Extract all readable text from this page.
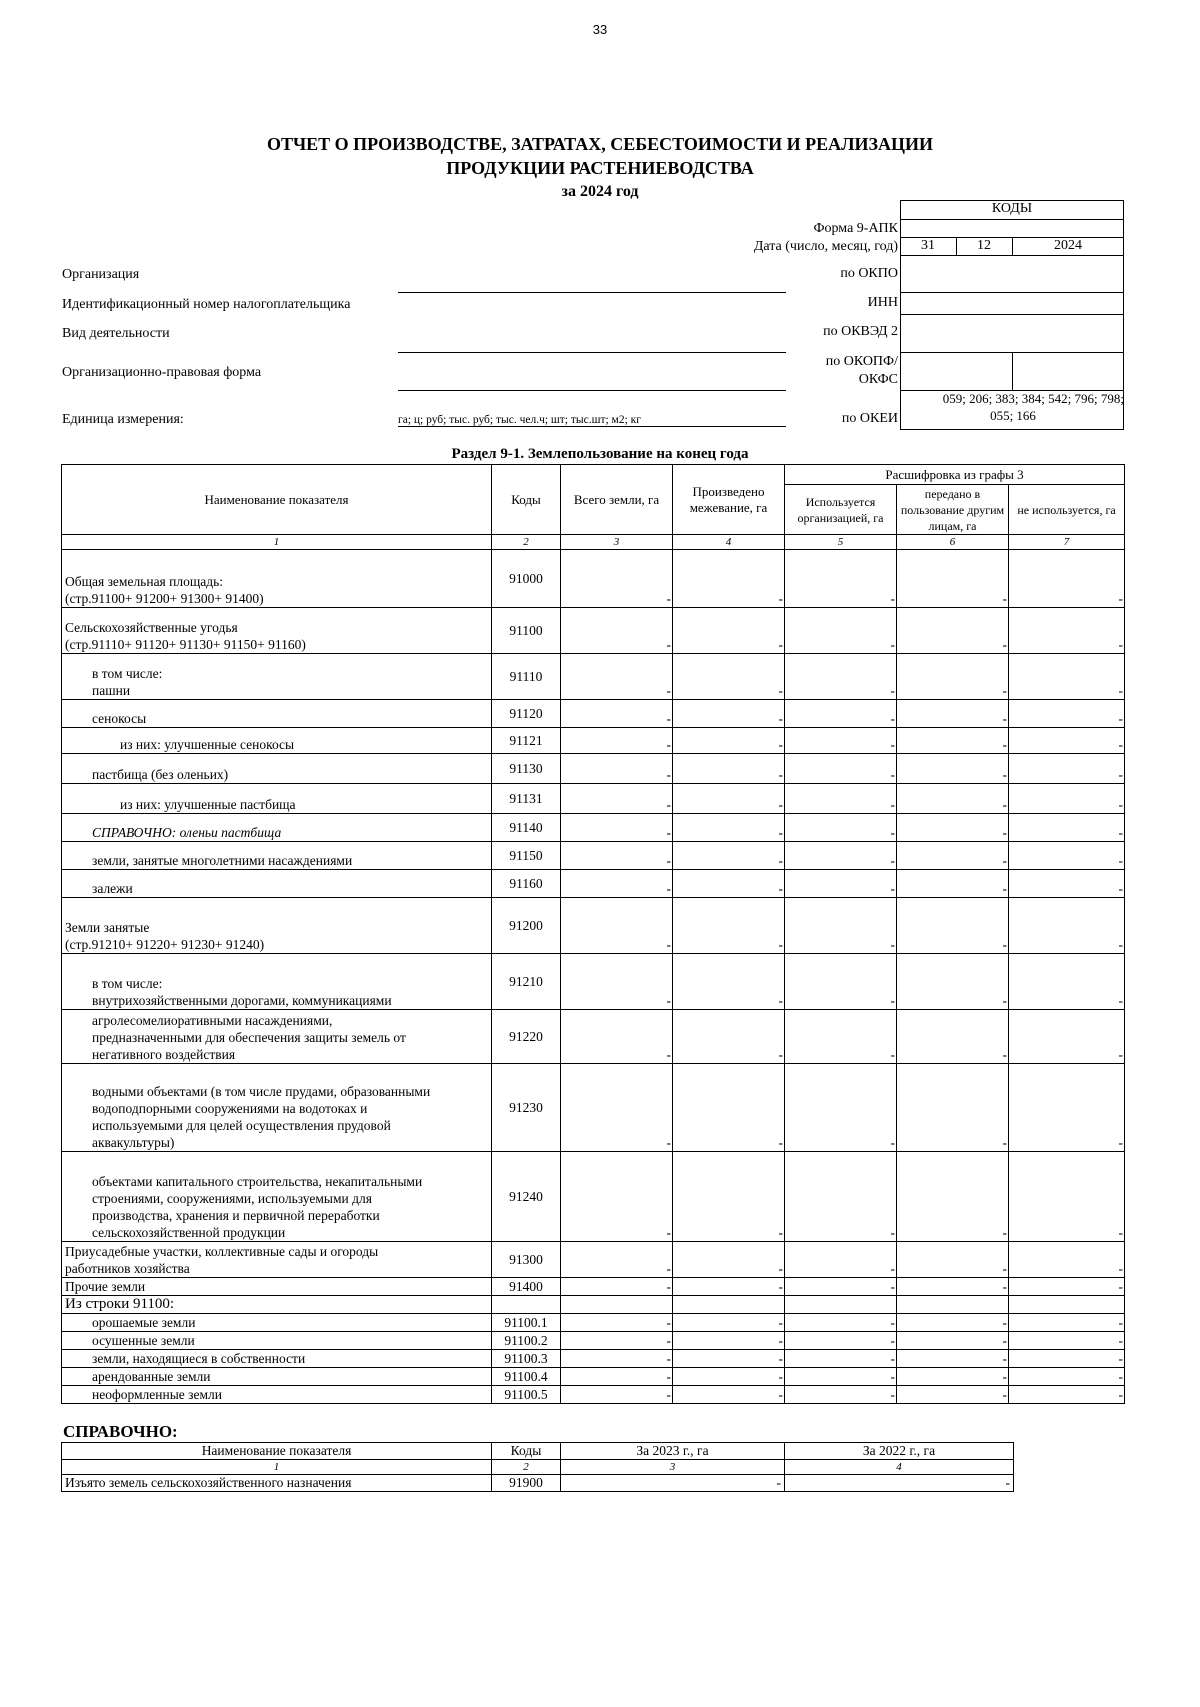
33
ОТЧЕТ О ПРОИЗВОДСТВЕ, ЗАТРАТАХ, СЕБЕСТОИМОСТИ И РЕАЛИЗАЦИИ
ПРОДУКЦИИ РАСТЕНИЕВОДСТВА
за 2024 год
КОДЫ
31	12	2024
059; 206; 383; 384; 542; 796; 798;
055; 166
Форма 9-АПК
Дата (число, месяц, год)
по ОКПО
ИНН
по ОКВЭД 2
по ОКОПФ/
ОКФС
по ОКЕИ
Организация
Идентификационный номер налогоплательщика
Вид деятельности
Организационно-правовая форма
Единица измерения:	га; ц; руб; тыс. руб; тыс. чел.ч; шт; тыс.шт; м2; кг
Раздел 9-1. Землепользование на конец года
Наименование показателя	Коды	Всего земли, га	Произведено межевание, га	Расшифровка из графы 3		
				Используется организацией, га	передано в пользование другим лицам, га	не используется, га
1	2	3	4	5	6	7
Общая земельная площадь:
(стр.91100+ 91200+ 91300+ 91400)	91000	-	-	-	-	-
Сельскохозяйственные угодья
(стр.91110+ 91120+ 91130+ 91150+ 91160)	91100	-	-	-	-	-
в том числе:
пашни	91110	-	-	-	-	-
сенокосы	91120	-	-	-	-	-
из них: улучшенные сенокосы	91121	-	-	-	-	-
пастбища (без оленьих)	91130	-	-	-	-	-
из них: улучшенные пастбища	91131	-	-	-	-	-
СПРАВОЧНО: оленьи пастбища	91140	-	-	-	-	-
земли, занятые многолетними насаждениями	91150	-	-	-	-	-
залежи	91160	-	-	-	-	-
Земли занятые
(стр.91210+ 91220+ 91230+ 91240)	91200	-	-	-	-	-
в том числе:
внутрихозяйственными дорогами, коммуникациями	91210	-	-	-	-	-
агролесомелиоративными насаждениями,
предназначенными для обеспечения защиты земель от
негативного воздействия	91220	-	-	-	-	-
водными объектами (в том числе прудами, образованными
водоподпорными сооружениями на водотоках и
используемыми для целей осуществления прудовой
аквакультуры)	91230	-	-	-	-	-
объектами капитального строительства, некапитальными
строениями, сооружениями, используемыми для
производства, хранения и первичной переработки
сельскохозяйственной продукции	91240	-	-	-	-	-
Приусадебные участки, коллективные сады и огороды
работников хозяйства	91300	-	-	-	-	-
Прочие земли	91400	-	-	-	-	-
Из строки 91100:						
орошаемые земли	91100.1	-	-	-	-	-
осушенные земли	91100.2	-	-	-	-	-
земли, находящиеся в собственности	91100.3	-	-	-	-	-
арендованные земли	91100.4	-	-	-	-	-
неоформленные земли	91100.5	-	-	-	-	-
СПРАВОЧНО:
Наименование показателя	Коды	За 2023 г., га	За 2022 г., га
1	2	3	4
Изъято земель сельскохозяйственного назначения	91900	-	-
